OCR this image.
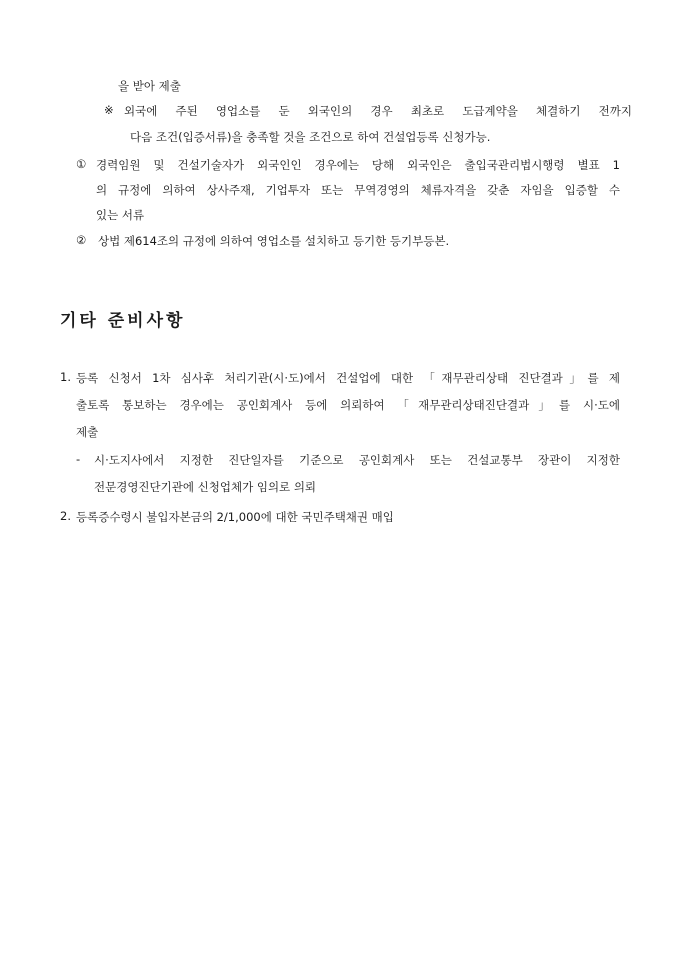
을 받아 제출
※ 외국에 주된 영업소를 둔 외국인의 경우 최초로 도급계약을 체결하기 전까지
다음 조건(입증서류)을 충족할 것을 조건으로 하여 건설업등록 신청가능.
① 경력임원 및 건설기술자가 외국인인 경우에는 당해 외국인은 출입국관리법시행령 별표 1
의 규정에 의하여 상사주재, 기업투자 또는 무역경영의 체류자격을 갖춘 자임을 입증할 수
있는 서류
② 상법 제614조의 규정에 의하여 영업소를 설치하고 등기한 등기부등본.
기타 준비사항
1. 등록 신청서 1차 심사후 처리기관(시·도)에서 건설업에 대한 「재무관리상태 진단결과」를 제
출토록 통보하는 경우에는 공인회계사 등에 의뢰하여 「재무관리상태진단결과」를 시·도에
제출
- 시·도지사에서 지정한 진단일자를 기준으로 공인회계사 또는 건설교통부 장관이 지정한
전문경영진단기관에 신청업체가 임의로 의뢰
2. 등록증수령시 불입자본금의 2/1,000에 대한 국민주택채권 매입
